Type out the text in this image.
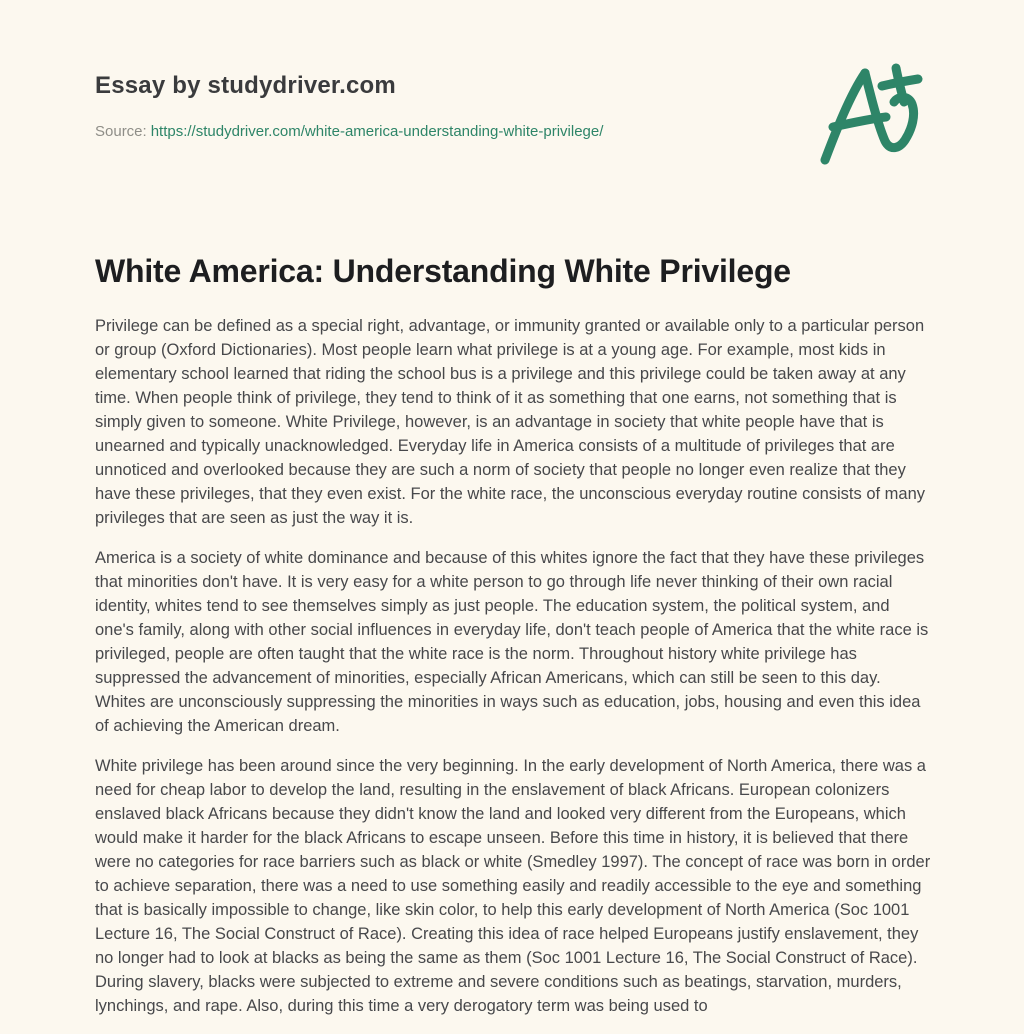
Essay by studydriver.com
Source: https://studydriver.com/white-america-understanding-white-privilege/
White America: Understanding White Privilege

Privilege can be defined as a special right, advantage, or immunity granted or available only to a particular person or group (Oxford Dictionaries). Most people learn what privilege is at a young age. For example, most kids in elementary school learned that riding the school bus is a privilege and this privilege could be taken away at any time. When people think of privilege, they tend to think of it as something that one earns, not something that is simply given to someone. White Privilege, however, is an advantage in society that white people have that is unearned and typically unacknowledged. Everyday life in America consists of a multitude of privileges that are unnoticed and overlooked because they are such a norm of society that people no longer even realize that they have these privileges, that they even exist. For the white race, the unconscious everyday routine consists of many privileges that are seen as just the way it is.

America is a society of white dominance and because of this whites ignore the fact that they have these privileges that minorities don't have. It is very easy for a white person to go through life never thinking of their own racial identity, whites tend to see themselves simply as just people. The education system, the political system, and one's family, along with other social influences in everyday life, don't teach people of America that the white race is privileged, people are often taught that the white race is the norm. Throughout history white privilege has suppressed the advancement of minorities, especially African Americans, which can still be seen to this day. Whites are unconsciously suppressing the minorities in ways such as education, jobs, housing and even this idea of achieving the American dream.

White privilege has been around since the very beginning. In the early development of North America, there was a need for cheap labor to develop the land, resulting in the enslavement of black Africans. European colonizers enslaved black Africans because they didn't know the land and looked very different from the Europeans, which would make it harder for the black Africans to escape unseen. Before this time in history, it is believed that there were no categories for race barriers such as black or white (Smedley 1997). The concept of race was born in order to achieve separation, there was a need to use something easily and readily accessible to the eye and something that is basically impossible to change, like skin color, to help this early development of North America (Soc 1001 Lecture 16, The Social Construct of Race). Creating this idea of race helped Europeans justify enslavement, they no longer had to look at blacks as being the same as them (Soc 1001 Lecture 16, The Social Construct of Race). During slavery, blacks were subjected to extreme and severe conditions such as beatings, starvation, murders, lynchings, and rape. Also, during this time a very derogatory term was being used to
